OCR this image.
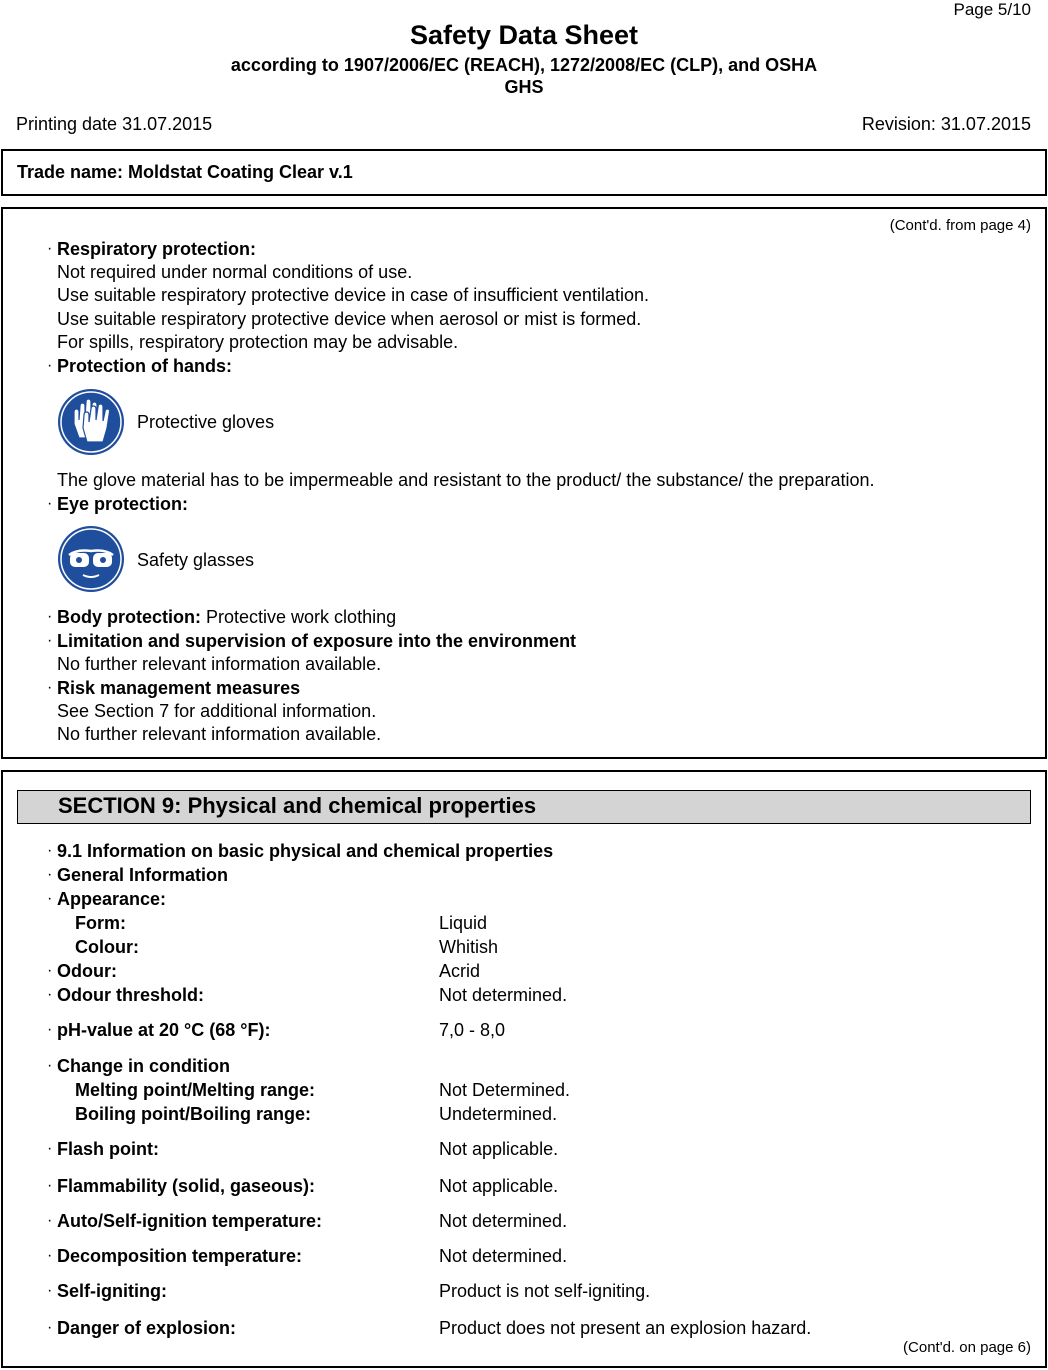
Page 5/10
Safety Data Sheet
according to 1907/2006/EC (REACH), 1272/2008/EC (CLP), and OSHA
GHS
Printing date 31.07.2015	Revision: 31.07.2015
Trade name: Moldstat Coating Clear v.1
(Cont'd. from page 4)
· Respiratory protection:
Not required under normal conditions of use.
Use suitable respiratory protective device in case of insufficient ventilation.
Use suitable respiratory protective device when aerosol or mist is formed.
For spills, respiratory protection may be advisable.
· Protection of hands:
Protective gloves
The glove material has to be impermeable and resistant to the product/ the substance/ the preparation.
· Eye protection:
Safety glasses
· Body protection: Protective work clothing
· Limitation and supervision of exposure into the environment
No further relevant information available.
· Risk management measures
See Section 7 for additional information.
No further relevant information available.
SECTION 9: Physical and chemical properties
· 9.1 Information on basic physical and chemical properties
· General Information
· Appearance:
Form:	Liquid
Colour:	Whitish
· Odour:	Acrid
· Odour threshold:	Not determined.
· pH-value at 20 °C (68 °F):	7,0 - 8,0
· Change in condition
Melting point/Melting range:	Not Determined.
Boiling point/Boiling range:	Undetermined.
· Flash point:	Not applicable.
· Flammability (solid, gaseous):	Not applicable.
· Auto/Self-ignition temperature:	Not determined.
· Decomposition temperature:	Not determined.
· Self-igniting:	Product is not self-igniting.
· Danger of explosion:	Product does not present an explosion hazard.
(Cont'd. on page 6)
